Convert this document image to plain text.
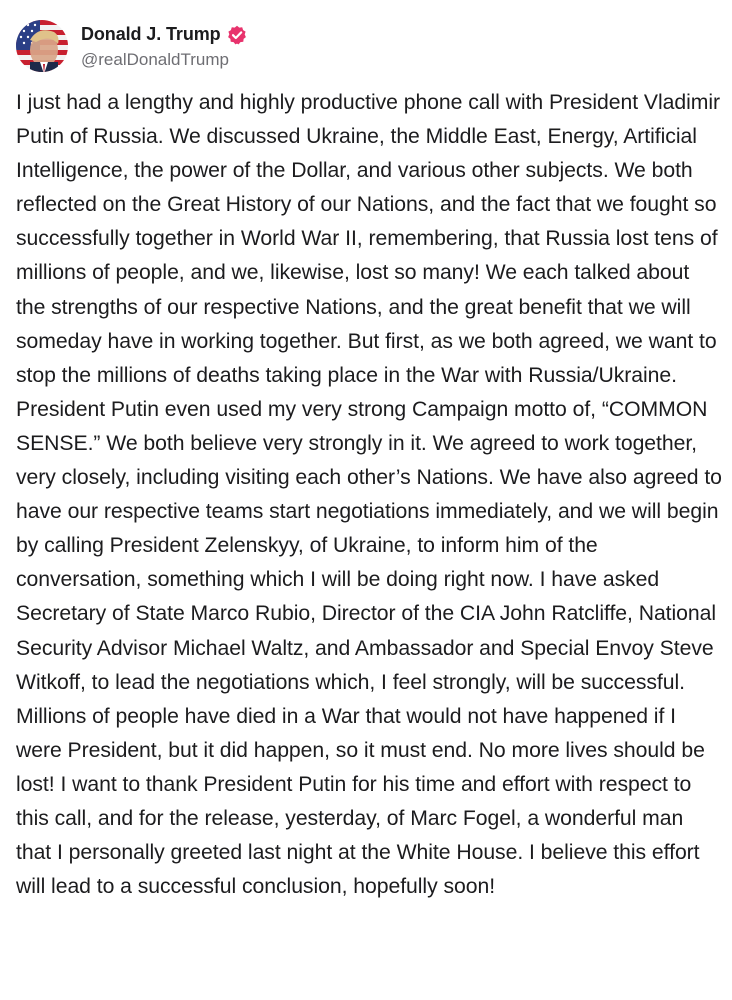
Donald J. Trump
@realDonaldTrump
I just had a lengthy and highly productive phone call with President Vladimir Putin of Russia. We discussed Ukraine, the Middle East, Energy, Artificial Intelligence, the power of the Dollar, and various other subjects. We both reflected on the Great History of our Nations, and the fact that we fought so successfully together in World War II, remembering, that Russia lost tens of millions of people, and we, likewise, lost so many! We each talked about the strengths of our respective Nations, and the great benefit that we will someday have in working together. But first, as we both agreed, we want to stop the millions of deaths taking place in the War with Russia/Ukraine. President Putin even used my very strong Campaign motto of, “COMMON SENSE.” We both believe very strongly in it. We agreed to work together, very closely, including visiting each other’s Nations. We have also agreed to have our respective teams start negotiations immediately, and we will begin by calling President Zelenskyy, of Ukraine, to inform him of the conversation, something which I will be doing right now. I have asked Secretary of State Marco Rubio, Director of the CIA John Ratcliffe, National Security Advisor Michael Waltz, and Ambassador and Special Envoy Steve Witkoff, to lead the negotiations which, I feel strongly, will be successful. Millions of people have died in a War that would not have happened if I were President, but it did happen, so it must end. No more lives should be lost! I want to thank President Putin for his time and effort with respect to this call, and for the release, yesterday, of Marc Fogel, a wonderful man that I personally greeted last night at the White House. I believe this effort will lead to a successful conclusion, hopefully soon!
